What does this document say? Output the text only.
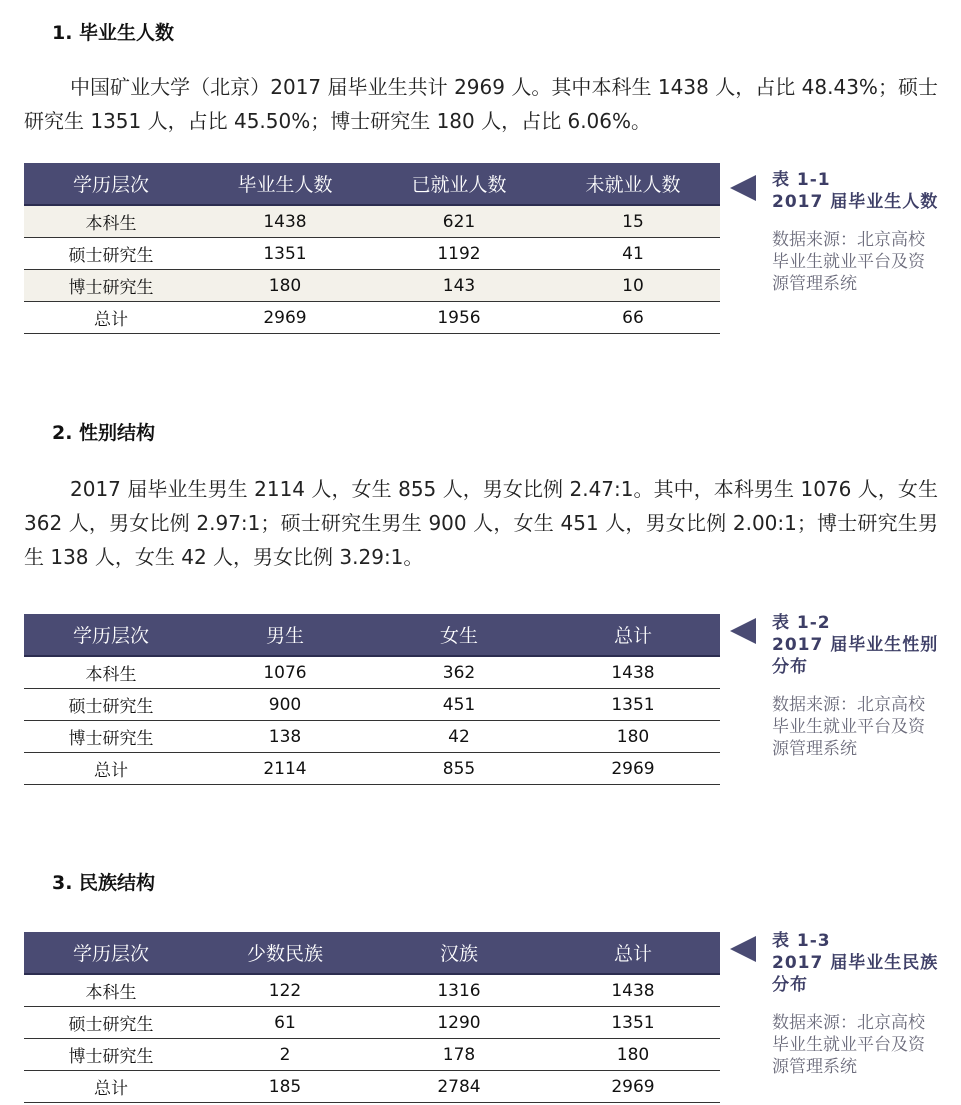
1. 毕业生人数

中国矿业大学（北京）2017 届毕业生共计 2969 人。其中本科生 1438 人，占比 48.43%；硕士研究生 1351 人，占比 45.50%；博士研究生 180 人，占比 6.06%。

学历层次	毕业生人数	已就业人数	未就业人数
本科生	1438	621	15
硕士研究生	1351	1192	41
博士研究生	180	143	10
总计	2969	1956	66

表 1-1

2017 届毕业生人数

数据来源：北京高校毕业生就业平台及资源管理系统

2. 性别结构

2017 届毕业生男生 2114 人，女生 855 人，男女比例 2.47:1。其中，本科男生 1076 人，女生 362 人，男女比例 2.97:1；硕士研究生男生 900 人，女生 451 人，男女比例 2.00:1；博士研究生男生 138 人，女生 42 人，男女比例 3.29:1。

学历层次	男生	女生	总计
本科生	1076	362	1438
硕士研究生	900	451	1351
博士研究生	138	42	180
总计	2114	855	2969

表 1-2

2017 届毕业生性别分布

数据来源：北京高校毕业生就业平台及资源管理系统

3. 民族结构
学历层次	少数民族	汉族	总计
本科生	122	1316	1438
硕士研究生	61	1290	1351
博士研究生	2	178	180
总计	185	2784	2969

表 1-3

2017 届毕业生民族分布

数据来源：北京高校毕业生就业平台及资源管理系统
